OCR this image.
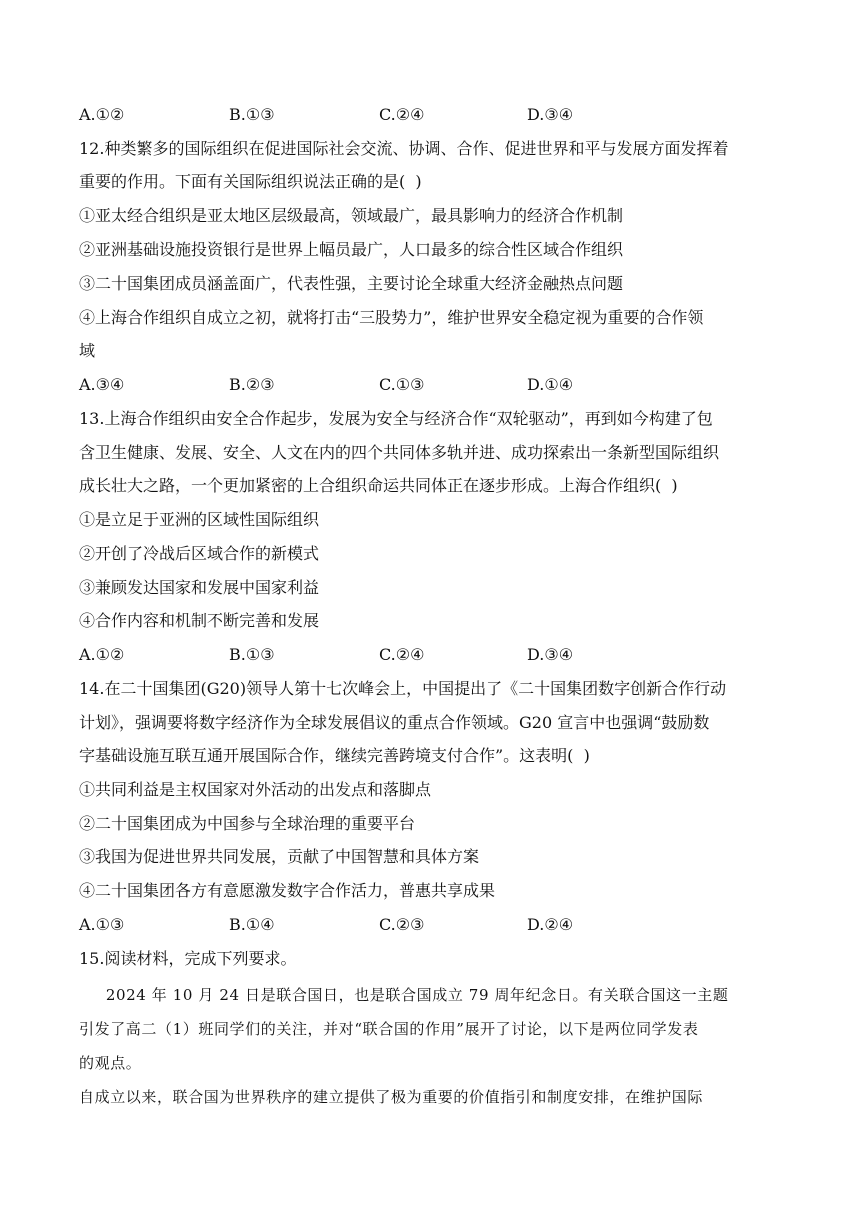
A.①②	B.①③	C.②④	D.③④
12.种类繁多的国际组织在促进国际社会交流、协调、合作、促进世界和平与发展方面发挥着
重要的作用。下面有关国际组织说法正确的是(  )
①亚太经合组织是亚太地区层级最高，领域最广，最具影响力的经济合作机制
②亚洲基础设施投资银行是世界上幅员最广，人口最多的综合性区域合作组织
③二十国集团成员涵盖面广，代表性强，主要讨论全球重大经济金融热点问题
④上海合作组织自成立之初，就将打击“三股势力”，维护世界安全稳定视为重要的合作领
域
A.③④	B.②③	C.①③	D.①④
13.上海合作组织由安全合作起步，发展为安全与经济合作“双轮驱动”，再到如今构建了包
含卫生健康、发展、安全、人文在内的四个共同体多轨并进、成功探索出一条新型国际组织
成长壮大之路，一个更加紧密的上合组织命运共同体正在逐步形成。上海合作组织(  )
①是立足于亚洲的区域性国际组织
②开创了冷战后区域合作的新模式
③兼顾发达国家和发展中国家利益
④合作内容和机制不断完善和发展
A.①②	B.①③	C.②④	D.③④
14.在二十国集团(G20)领导人第十七次峰会上，中国提出了《二十国集团数字创新合作行动
计划》，强调要将数字经济作为全球发展倡议的重点合作领域。G20 宣言中也强调“鼓励数
字基础设施互联互通开展国际合作，继续完善跨境支付合作”。这表明(  )
①共同利益是主权国家对外活动的出发点和落脚点
②二十国集团成为中国参与全球治理的重要平台
③我国为促进世界共同发展，贡献了中国智慧和具体方案
④二十国集团各方有意愿激发数字合作活力，普惠共享成果
A.①③	B.①④	C.②③	D.②④
15.阅读材料，完成下列要求。
2024 年 10 月 24 日是联合国日，也是联合国成立 79 周年纪念日。有关联合国这一主题
引发了高二（1）班同学们的关注，并对“联合国的作用”展开了讨论，以下是两位同学发表
的观点。
自成立以来，联合国为世界秩序的建立提供了极为重要的价值指引和制度安排，在维护国际
